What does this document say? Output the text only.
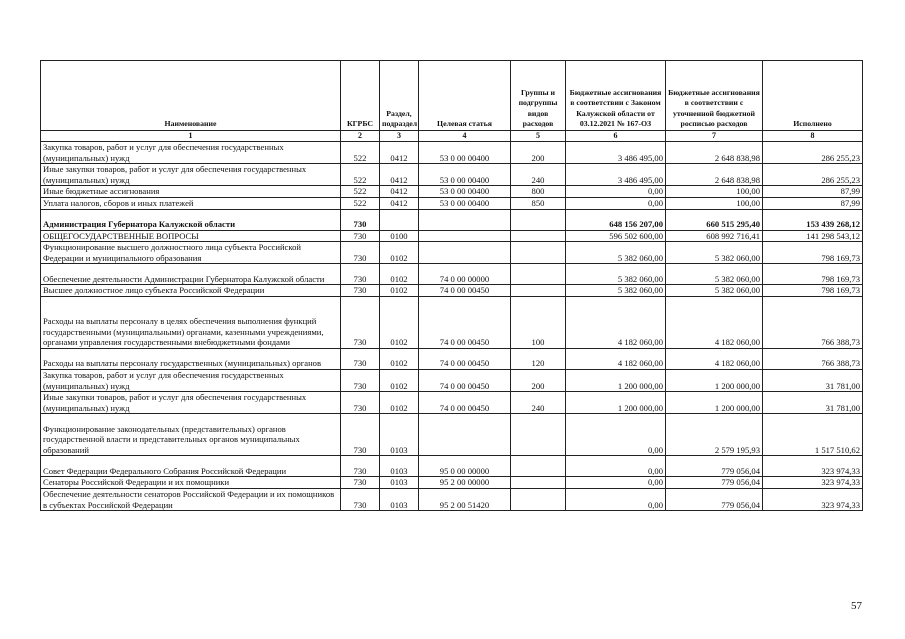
Наименование	КГРБС	Раздел, подраздел	Целевая статья	Группы и подгруппы видов расходов	Бюджетные ассигнования в соответствии с Законом Калужской области от 03.12.2021 № 167-ОЗ	Бюджетные ассигнования в соответствии с уточненной бюджетной росписью расходов	Исполнено
1	2	3	4	5	6	7	8
Закупка товаров, работ и услуг для обеспечения государственных (муниципальных) нужд	522	0412	53 0 00 00400	200	3 486 495,00	2 648 838,98	286 255,23
Иные закупки товаров, работ и услуг для обеспечения государственных (муниципальных) нужд	522	0412	53 0 00 00400	240	3 486 495,00	2 648 838,98	286 255,23
Иные бюджетные ассигнования	522	0412	53 0 00 00400	800	0,00	100,00	87,99
Уплата налогов, сборов и иных платежей	522	0412	53 0 00 00400	850	0,00	100,00	87,99
Администрация Губернатора Калужской области	730				648 156 207,00	660 515 295,40	153 439 268,12
ОБЩЕГОСУДАРСТВЕННЫЕ ВОПРОСЫ	730	0100			596 502 600,00	608 992 716,41	141 298 543,12
Функционирование высшего должностного лица субъекта Российской Федерации и муниципального образования	730	0102			5 382 060,00	5 382 060,00	798 169,73
Обеспечение деятельности Администрации Губернатора Калужской области	730	0102	74 0 00 00000		5 382 060,00	5 382 060,00	798 169,73
Высшее должностное лицо субъекта Российской Федерации	730	0102	74 0 00 00450		5 382 060,00	5 382 060,00	798 169,73
Расходы на выплаты персоналу в целях обеспечения выполнения функций государственными (муниципальными) органами, казенными учреждениями, органами управления государственными внебюджетными фондами	730	0102	74 0 00 00450	100	4 182 060,00	4 182 060,00	766 388,73
Расходы на выплаты персоналу государственных (муниципальных) органов	730	0102	74 0 00 00450	120	4 182 060,00	4 182 060,00	766 388,73
Закупка товаров, работ и услуг для обеспечения государственных (муниципальных) нужд	730	0102	74 0 00 00450	200	1 200 000,00	1 200 000,00	31 781,00
Иные закупки товаров, работ и услуг для обеспечения государственных (муниципальных) нужд	730	0102	74 0 00 00450	240	1 200 000,00	1 200 000,00	31 781,00
Функционирование законодательных (представительных) органов государственной власти и представительных органов муниципальных образований	730	0103			0,00	2 579 195,93	1 517 510,62
Совет Федерации Федерального Собрания Российской Федерации	730	0103	95 0 00 00000		0,00	779 056,04	323 974,33
Сенаторы Российской Федерации и их помощники	730	0103	95 2 00 00000		0,00	779 056,04	323 974,33
Обеспечение деятельности сенаторов Российской Федерации и их помощников в субъектах Российской Федерации	730	0103	95 2 00 51420		0,00	779 056,04	323 974,33
57
